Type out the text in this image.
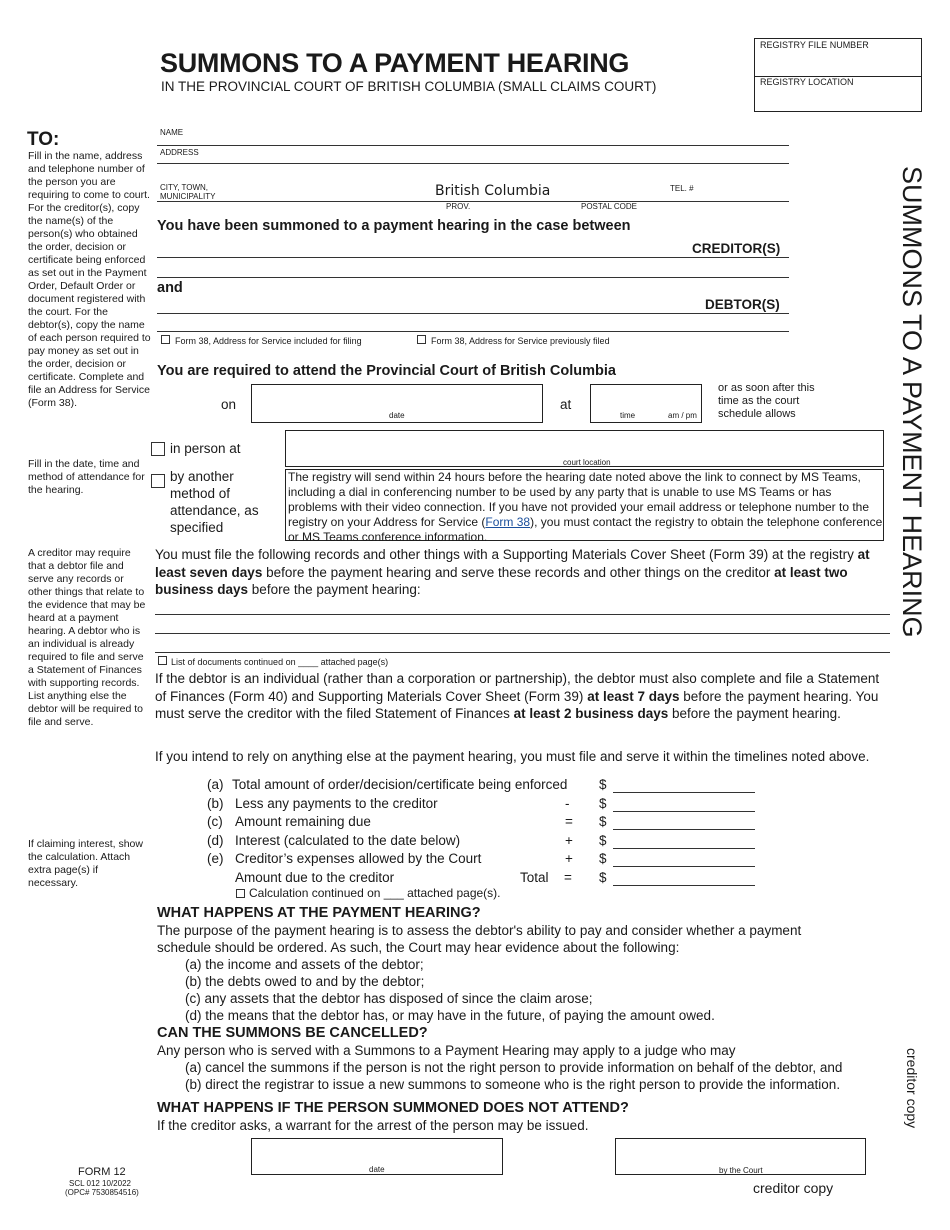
SUMMONS TO A PAYMENT HEARING
IN THE PROVINCIAL COURT OF BRITISH COLUMBIA (SMALL CLAIMS COURT)
REGISTRY FILE NUMBER
REGISTRY LOCATION
SUMMONS TO A PAYMENT HEARING
creditor copy
TO:
Fill in the name, address and telephone number of the person you are requiring to come to court. For the creditor(s), copy the name(s) of the person(s) who obtained the order, decision or certificate being enforced as set out in the Payment Order, Default Order or document registered with the court. For the debtor(s), copy the name of each person required to pay money as set out in the order, decision or certificate. Complete and file an Address for Service (Form 38).
Fill in the date, time and method of attendance for the hearing.
A creditor may require that a debtor file and serve any records or other things that relate to the evidence that may be heard at a payment hearing. A debtor who is an individual is already required to file and serve a Statement of Finances with supporting records. List anything else the debtor will be required to file and serve.
If claiming interest, show the calculation. Attach extra page(s) if necessary.
NAME
ADDRESS
CITY, TOWN,
MUNICIPALITY	British Columbia	TEL. #
PROV.	POSTAL CODE
You have been summoned to a payment hearing in the case between
CREDITOR(S)
and
DEBTOR(S)
Form 38, Address for Service included for filing	Form 38, Address for Service previously filed
You are required to attend the Provincial Court of British Columbia
on
date
at
time	am / pm
or as soon after this time as the court schedule allows
in person at
court location
by another method of attendance, as specified
The registry will send within 24 hours before the hearing date noted above the link to connect by MS Teams, including a dial in conferencing number to be used by any party that is unable to use MS Teams or has problems with their video connection. If you have not provided your email address or telephone number to the registry on your Address for Service (Form 38), you must contact the registry to obtain the telephone conference or MS Teams conference information.
You must file the following records and other things with a Supporting Materials Cover Sheet (Form 39) at the registry at least seven days before the payment hearing and serve these records and other things on the creditor at least two business days before the payment hearing:
List of documents continued on ____ attached page(s)
If the debtor is an individual (rather than a corporation or partnership), the debtor must also complete and file a Statement of Finances (Form 40) and Supporting Materials Cover Sheet (Form 39) at least 7 days before the payment hearing. You must serve the creditor with the filed Statement of Finances at least 2 business days before the payment hearing.
If you intend to rely on anything else at the payment hearing, you must file and serve it within the timelines noted above.
(a) Total amount of order/decision/certificate being enforced $
(b) Less any payments to the creditor	- $
(c) Amount remaining due	= $
(d) Interest (calculated to the date below)	+ $
(e) Creditor’s expenses allowed by the Court	+ $
Amount due to the creditor	Total = $
Calculation continued on ___ attached page(s).
WHAT HAPPENS AT THE PAYMENT HEARING?
The purpose of the payment hearing is to assess the debtor's ability to pay and consider whether a payment schedule should be ordered. As such, the Court may hear evidence about the following:
(a) the income and assets of the debtor;
(b) the debts owed to and by the debtor;
(c) any assets that the debtor has disposed of since the claim arose;
(d) the means that the debtor has, or may have in the future, of paying the amount owed.
CAN THE SUMMONS BE CANCELLED?
Any person who is served with a Summons to a Payment Hearing may apply to a judge who may
(a) cancel the summons if the person is not the right person to provide information on behalf of the debtor, and
(b) direct the registrar to issue a new summons to someone who is the right person to provide the information.
WHAT HAPPENS IF THE PERSON SUMMONED DOES NOT ATTEND?
If the creditor asks, a warrant for the arrest of the person may be issued.
FORM 12
SCL 012 10/2022
(OPC# 7530854516)
date	by the Court
creditor copy
